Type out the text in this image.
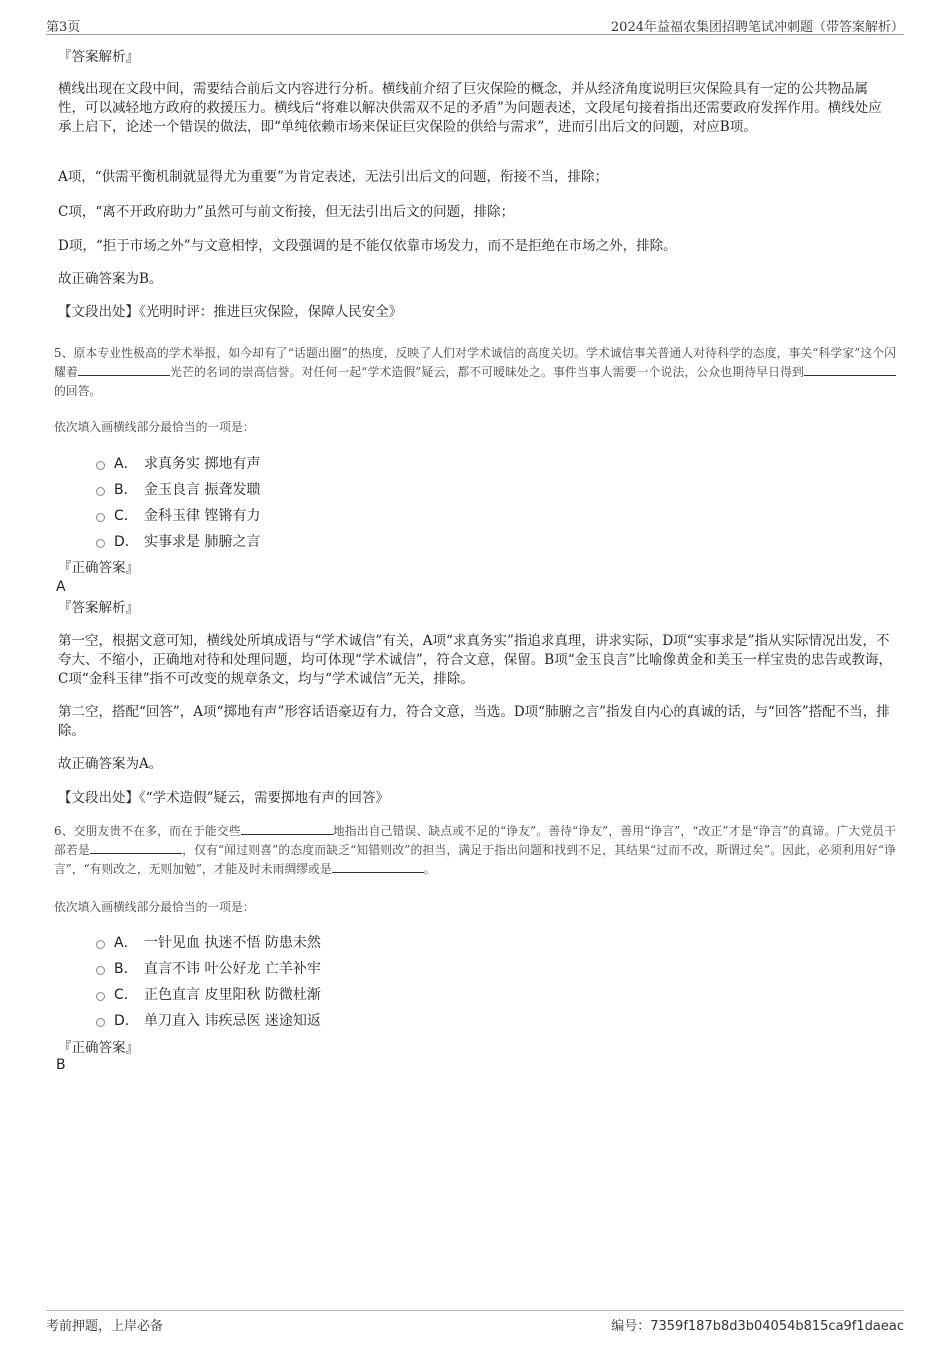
第3页	2024年益福农集团招聘笔试冲刺题（带答案解析）
『答案解析』
横线出现在文段中间，需要结合前后文内容进行分析。横线前介绍了巨灾保险的概念，并从经济角度说明巨灾保险具有一定的公共物品属性，可以减轻地方政府的救援压力。横线后“将难以解决供需双不足的矛盾”为问题表述，文段尾句接着指出还需要政府发挥作用。横线处应承上启下，论述一个错误的做法，即“单纯依赖市场来保证巨灾保险的供给与需求”，进而引出后文的问题，对应B项。
A项，“供需平衡机制就显得尤为重要”为肯定表述，无法引出后文的问题，衔接不当，排除；
C项，“离不开政府助力”虽然可与前文衔接，但无法引出后文的问题，排除；
D项，“拒于市场之外”与文意相悖，文段强调的是不能仅依靠市场发力，而不是拒绝在市场之外，排除。
故正确答案为B。
【文段出处】《光明时评：推进巨灾保险，保障人民安全》
5、原本专业性极高的学术举报，如今却有了“话题出圈”的热度，反映了人们对学术诚信的高度关切。学术诚信事关普通人对待科学的态度，事关“科学家”这个闪耀着	光芒的名词的崇高信誉。对任何一起“学术造假”疑云，都不可暧昧处之。事件当事人需要一个说法，公众也期待早日得到的回答。
依次填入画横线部分最恰当的一项是：
A． 求真务实 掷地有声
B． 金玉良言 振聋发聩
C． 金科玉律 铿锵有力
D． 实事求是 肺腑之言
『正确答案』
A
『答案解析』
第一空，根据文意可知，横线处所填成语与“学术诚信”有关，A项“求真务实”指追求真理，讲求实际，D项“实事求是”指从实际情况出发，不夸大、不缩小，正确地对待和处理问题，均可体现“学术诚信”，符合文意，保留。B项“金玉良言”比喻像黄金和美玉一样宝贵的忠告或教诲，C项“金科玉律”指不可改变的规章条文，均与“学术诚信”无关，排除。
第二空，搭配“回答”，A项“掷地有声”形容话语豪迈有力，符合文意，当选。D项“肺腑之言”指发自内心的真诚的话，与“回答”搭配不当，排除。
故正确答案为A。
【文段出处】《“学术造假”疑云，需要掷地有声的回答》
6、交朋友贵不在多，而在于能交些	地指出自己错误、缺点或不足的“诤友”。善待“诤友”，善用“诤言”，“改正”才是“诤言”的真谛。广大党员干部若是	，仅有“闻过则喜”的态度而缺乏“知错则改”的担当，满足于指出问题和找到不足，其结果“过而不改，斯谓过矣”。因此，必须利用好“诤言”，“有则改之，无则加勉”，才能及时未雨绸缪或是	。
依次填入画横线部分最恰当的一项是：
A． 一针见血 执迷不悟 防患未然
B． 直言不讳 叶公好龙 亡羊补牢
C． 正色直言 皮里阳秋 防微杜渐
D． 单刀直入 讳疾忌医 迷途知返
『正确答案』
B
考前押题，上岸必备	编号：7359f187b8d3b04054b815ca9f1daeac
